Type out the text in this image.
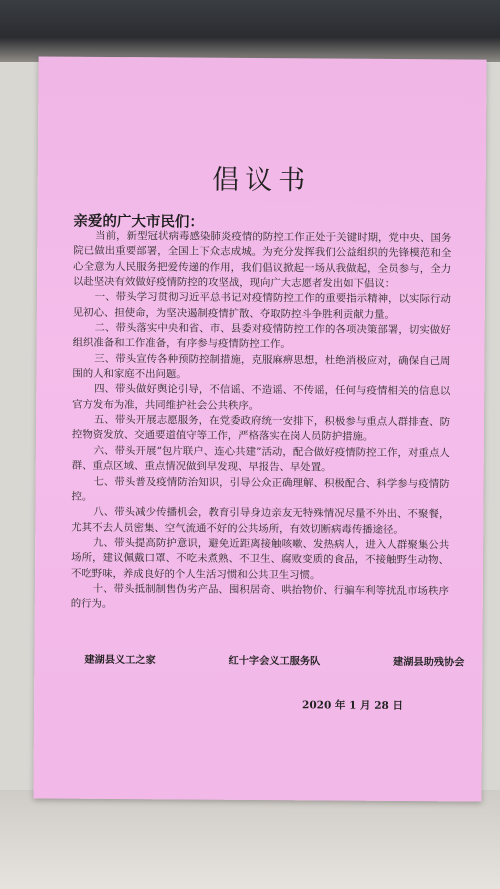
倡议书
亲爱的广大市民们：

当前，新型冠状病毒感染肺炎疫情的防控工作正处于关键时期，党中央、国务院已做出重要部署，全国上下众志成城。为充分发挥我们公益组织的先锋模范和全心全意为人民服务把爱传递的作用，我们倡议掀起一场从我做起，全员参与，全力以赴坚决有效做好疫情防控的攻坚战，现向广大志愿者发出如下倡议：

一、带头学习贯彻习近平总书记对疫情防控工作的重要指示精神，以实际行动见初心、担使命，为坚决遏制疫情扩散、夺取防控斗争胜利贡献力量。

二、带头落实中央和省、市、县委对疫情防控工作的各项决策部署，切实做好组织准备和工作准备，有序参与疫情防控工作。

三、带头宣传各种预防控制措施，克服麻痹思想，杜绝消极应对，确保自己周围的人和家庭不出问题。

四、带头做好舆论引导，不信谣、不造谣、不传谣，任何与疫情相关的信息以官方发布为准，共同维护社会公共秩序。

五、带头开展志愿服务，在党委政府统一安排下，积极参与重点人群排查、防控物资发放、交通要道值守等工作，严格落实在岗人员防护措施。

六、带头开展“包片联户、连心共建”活动，配合做好疫情防控工作，对重点人群、重点区域、重点情况做到早发现、早报告、早处置。

七、带头普及疫情防治知识，引导公众正确理解、积极配合、科学参与疫情防控。

八、带头减少传播机会，教育引导身边亲友无特殊情况尽量不外出、不聚餐，尤其不去人员密集、空气流通不好的公共场所，有效切断病毒传播途径。

九、带头提高防护意识，避免近距离接触咳嗽、发热病人，进入人群聚集公共场所，建议佩戴口罩、不吃未煮熟、不卫生、腐败变质的食品，不接触野生动物、不吃野味，养成良好的个人生活习惯和公共卫生习惯。

十、带头抵制制售伪劣产品、囤积居奇、哄抬物价、行骗车利等扰乱市场秩序的行为。

建湖县义工之家	红十字会义工服务队	建湖县助残协会
2020 年 1 月 28 日
